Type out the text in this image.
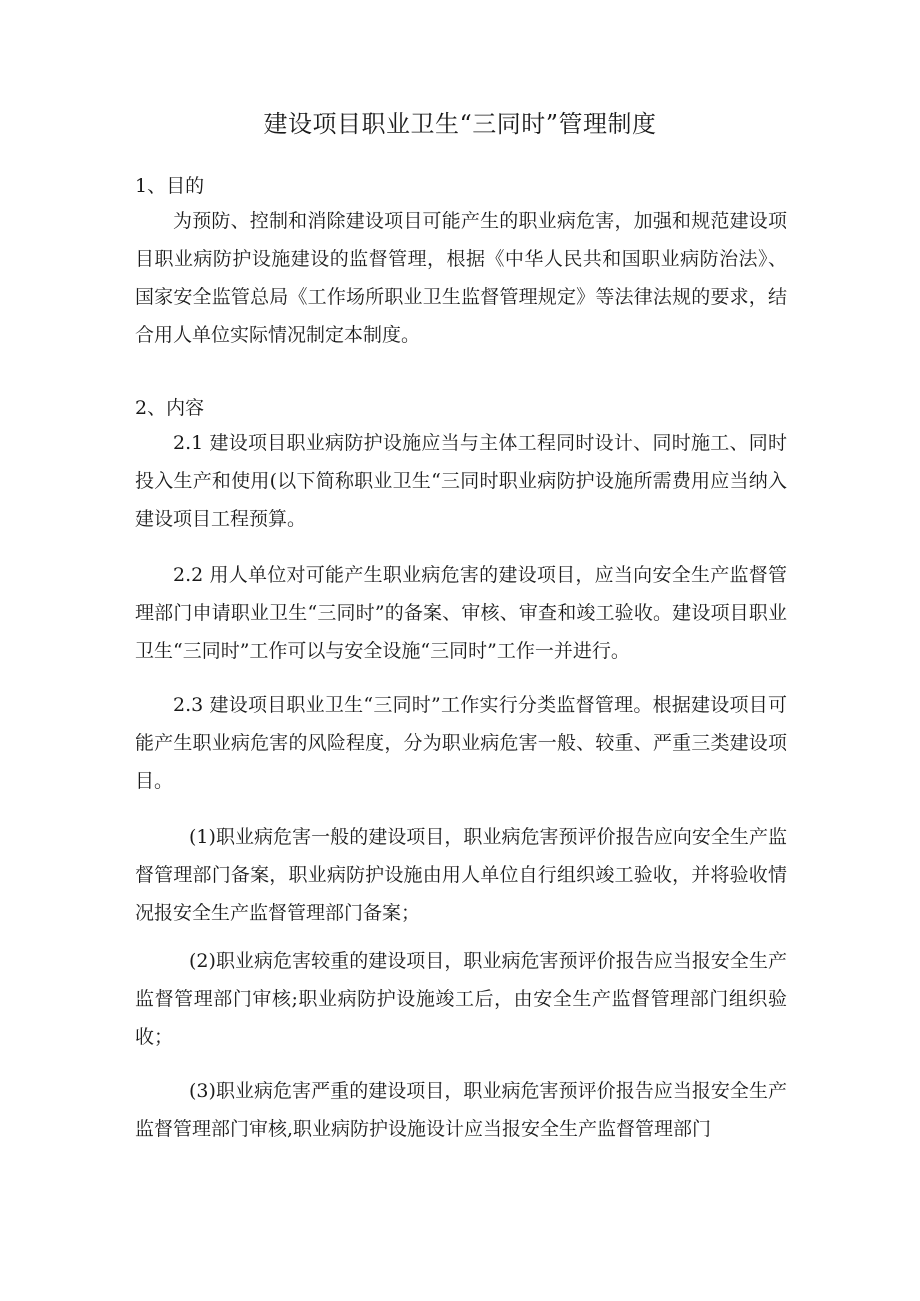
建设项目职业卫生“三同时”管理制度
1、目的
为预防、控制和消除建设项目可能产生的职业病危害，加强和规范建设项目职业病防护设施建设的监督管理，根据《中华人民共和国职业病防治法》、国家安全监管总局《工作场所职业卫生监督管理规定》等法律法规的要求，结合用人单位实际情况制定本制度。
2、内容
2.1 建设项目职业病防护设施应当与主体工程同时设计、同时施工、同时投入生产和使用(以下简称职业卫生“三同时职业病防护设施所需费用应当纳入建设项目工程预算。
2.2 用人单位对可能产生职业病危害的建设项目，应当向安全生产监督管理部门申请职业卫生“三同时”的备案、审核、审查和竣工验收。建设项目职业卫生“三同时”工作可以与安全设施“三同时”工作一并进行。
2.3 建设项目职业卫生“三同时”工作实行分类监督管理。根据建设项目可能产生职业病危害的风险程度，分为职业病危害一般、较重、严重三类建设项目。
(1)职业病危害一般的建设项目，职业病危害预评价报告应向安全生产监督管理部门备案，职业病防护设施由用人单位自行组织竣工验收，并将验收情况报安全生产监督管理部门备案；
(2)职业病危害较重的建设项目，职业病危害预评价报告应当报安全生产监督管理部门审核;职业病防护设施竣工后，由安全生产监督管理部门组织验收；
(3)职业病危害严重的建设项目，职业病危害预评价报告应当报安全生产监督管理部门审核,职业病防护设施设计应当报安全生产监督管理部门
